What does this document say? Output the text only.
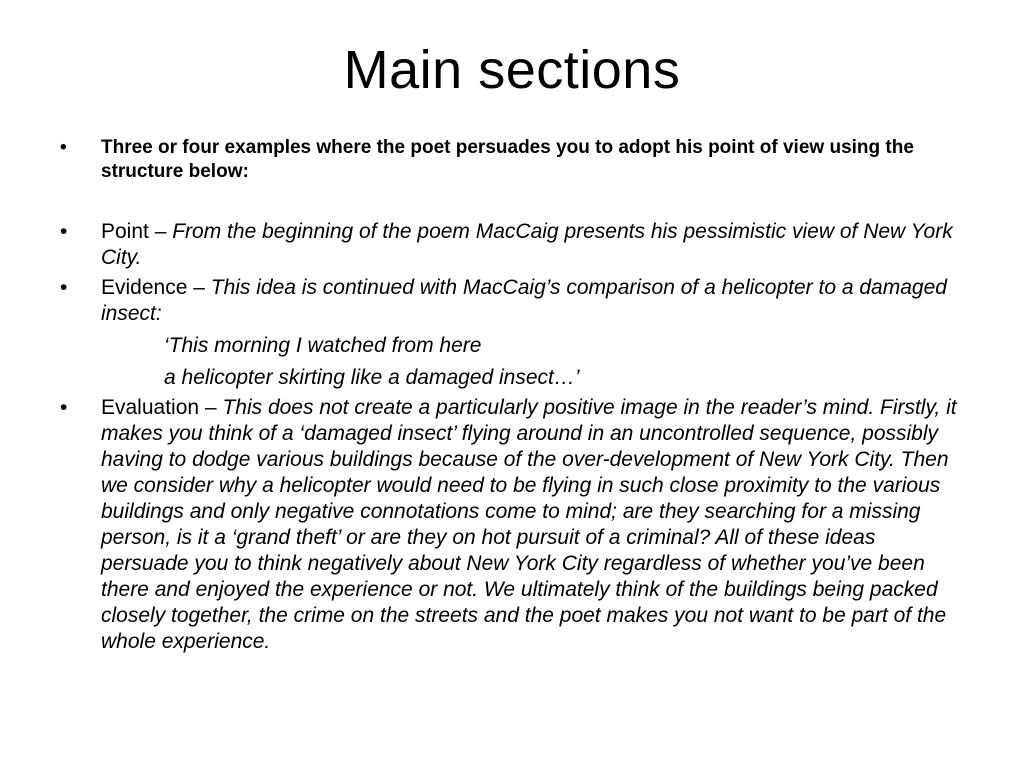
Main sections
•	Three or four examples where the poet persuades you to adopt his point of view using the structure below:
•	Point – From the beginning of the poem MacCaig presents his pessimistic view of New York City.
•	Evidence – This idea is continued with MacCaig’s comparison of a helicopter to a damaged insect:
‘This morning I watched from here
a helicopter skirting like a damaged insect…’
•	Evaluation – This does not create a particularly positive image in the reader’s mind. Firstly, it makes you think of a ‘damaged insect’ flying around in an uncontrolled sequence, possibly having to dodge various buildings because of the over-development of New York City. Then we consider why a helicopter would need to be flying in such close proximity to the various buildings and only negative connotations come to mind; are they searching for a missing person, is it a ‘grand theft’ or are they on hot pursuit of a criminal? All of these ideas persuade you to think negatively about New York City regardless of whether you’ve been there and enjoyed the experience or not. We ultimately think of the buildings being packed closely together, the crime on the streets and the poet makes you not want to be part of the whole experience.
